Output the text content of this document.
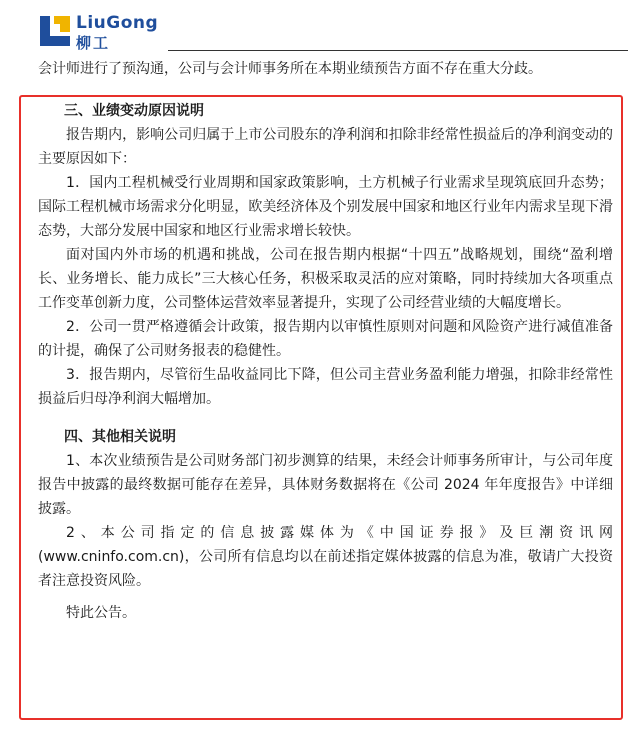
LiuGong
柳工
会计师进行了预沟通，公司与会计师事务所在本期业绩预告方面不存在重大分歧。

三、业绩变动原因说明

报告期内，影响公司归属于上市公司股东的净利润和扣除非经常性损益后的净利润变动的主要原因如下：

1．国内工程机械受行业周期和国家政策影响，土方机械子行业需求呈现筑底回升态势；国际工程机械市场需求分化明显，欧美经济体及个别发展中国家和地区行业年内需求呈现下滑态势，大部分发展中国家和地区行业需求增长较快。

面对国内外市场的机遇和挑战，公司在报告期内根据“十四五”战略规划，围绕“盈利增长、业务增长、能力成长”三大核心任务，积极采取灵活的应对策略，同时持续加大各项重点工作变革创新力度，公司整体运营效率显著提升，实现了公司经营业绩的大幅度增长。

2．公司一贯严格遵循会计政策，报告期内以审慎性原则对问题和风险资产进行减值准备的计提，确保了公司财务报表的稳健性。

3．报告期内，尽管衍生品收益同比下降，但公司主营业务盈利能力增强，扣除非经常性损益后归母净利润大幅增加。

四、其他相关说明

1、本次业绩预告是公司财务部门初步测算的结果，未经会计师事务所审计，与公司年度报告中披露的最终数据可能存在差异，具体财务数据将在《公司 2024 年年度报告》中详细披露。

2、本公司指定的信息披露媒体为《中国证券报》及巨潮资讯网(www.cninfo.com.cn)，公司所有信息均以在前述指定媒体披露的信息为准，敬请广大投资者注意投资风险。

特此公告。
